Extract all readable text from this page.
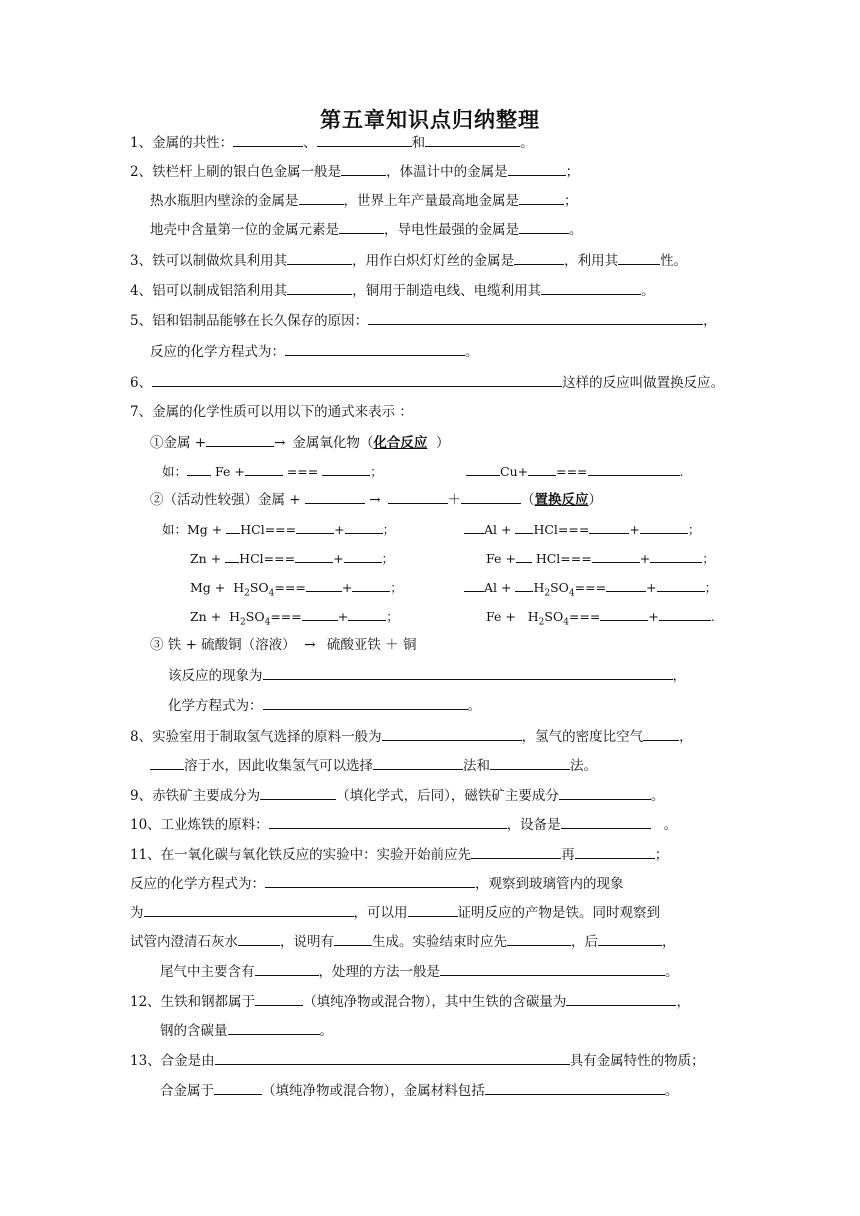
第五章知识点归纳整理
1、金属的共性：	、	和	。
2、铁栏杆上刷的银白色金属一般是	，体温计中的金属是	；
热水瓶胆内壁涂的金属是	，世界上年产量最高地金属是	；
地壳中含量第一位的金属元素是	，导电性最强的金属是	。
3、铁可以制做炊具利用其	，用作白炽灯灯丝的金属是	，利用其	性。
4、铝可以制成铝箔利用其	，铜用于制造电线、电缆利用其	。
5、铝和铝制品能够在长久保存的原因：	，
反应的化学方程式为：	。
6、	这样的反应叫做置换反应。
7、金属的化学性质可以用以下的通式来表示 ：
①金属 + →	金属氧化物（化合反应 ）
如： Fe +	===	；	Cu+ ===	.
②（活动性较强）金属 + →	＋	（置换反应）
如：Mg + HCl===	+	；	Al + HCl===	+	；
Zn + HCl===	+	；	Fe + HCl===	+	；
$Mg + H_2SO_4===$	+	；	$Al + H_2SO_4===$	+	；
$Zn + H_2SO_4===$	+	；	$Fe + H_2SO_4===$	+	.
③ 铁 + 硫酸铜（溶液） → 硫酸亚铁 ＋ 铜
该反应的现象为	，
化学方程式为：	。
8、实验室用于制取氢气选择的原料一般为	，氢气的密度比空气	，
溶于水，因此收集氢气可以选择	法和	法。
9、赤铁矿主要成分为	（填化学式，后同），磁铁矿主要成分	。
10、工业炼铁的原料：	，设备是	。
11、在一氧化碳与氧化铁反应的实验中：实验开始前应先	再	；
反应的化学方程式为：	，观察到玻璃管内的现象
为	，可以用	证明反应的产物是铁。同时观察到
试管内澄清石灰水	，说明有	生成。实验结束时应先	，后	，
尾气中主要含有	，处理的方法一般是	。
12、生铁和钢都属于	（填纯净物或混合物），其中生铁的含碳量为	，
钢的含碳量	。
13、合金是由	具有金属特性的物质；
合金属于	（填纯净物或混合物），金属材料包括	。
